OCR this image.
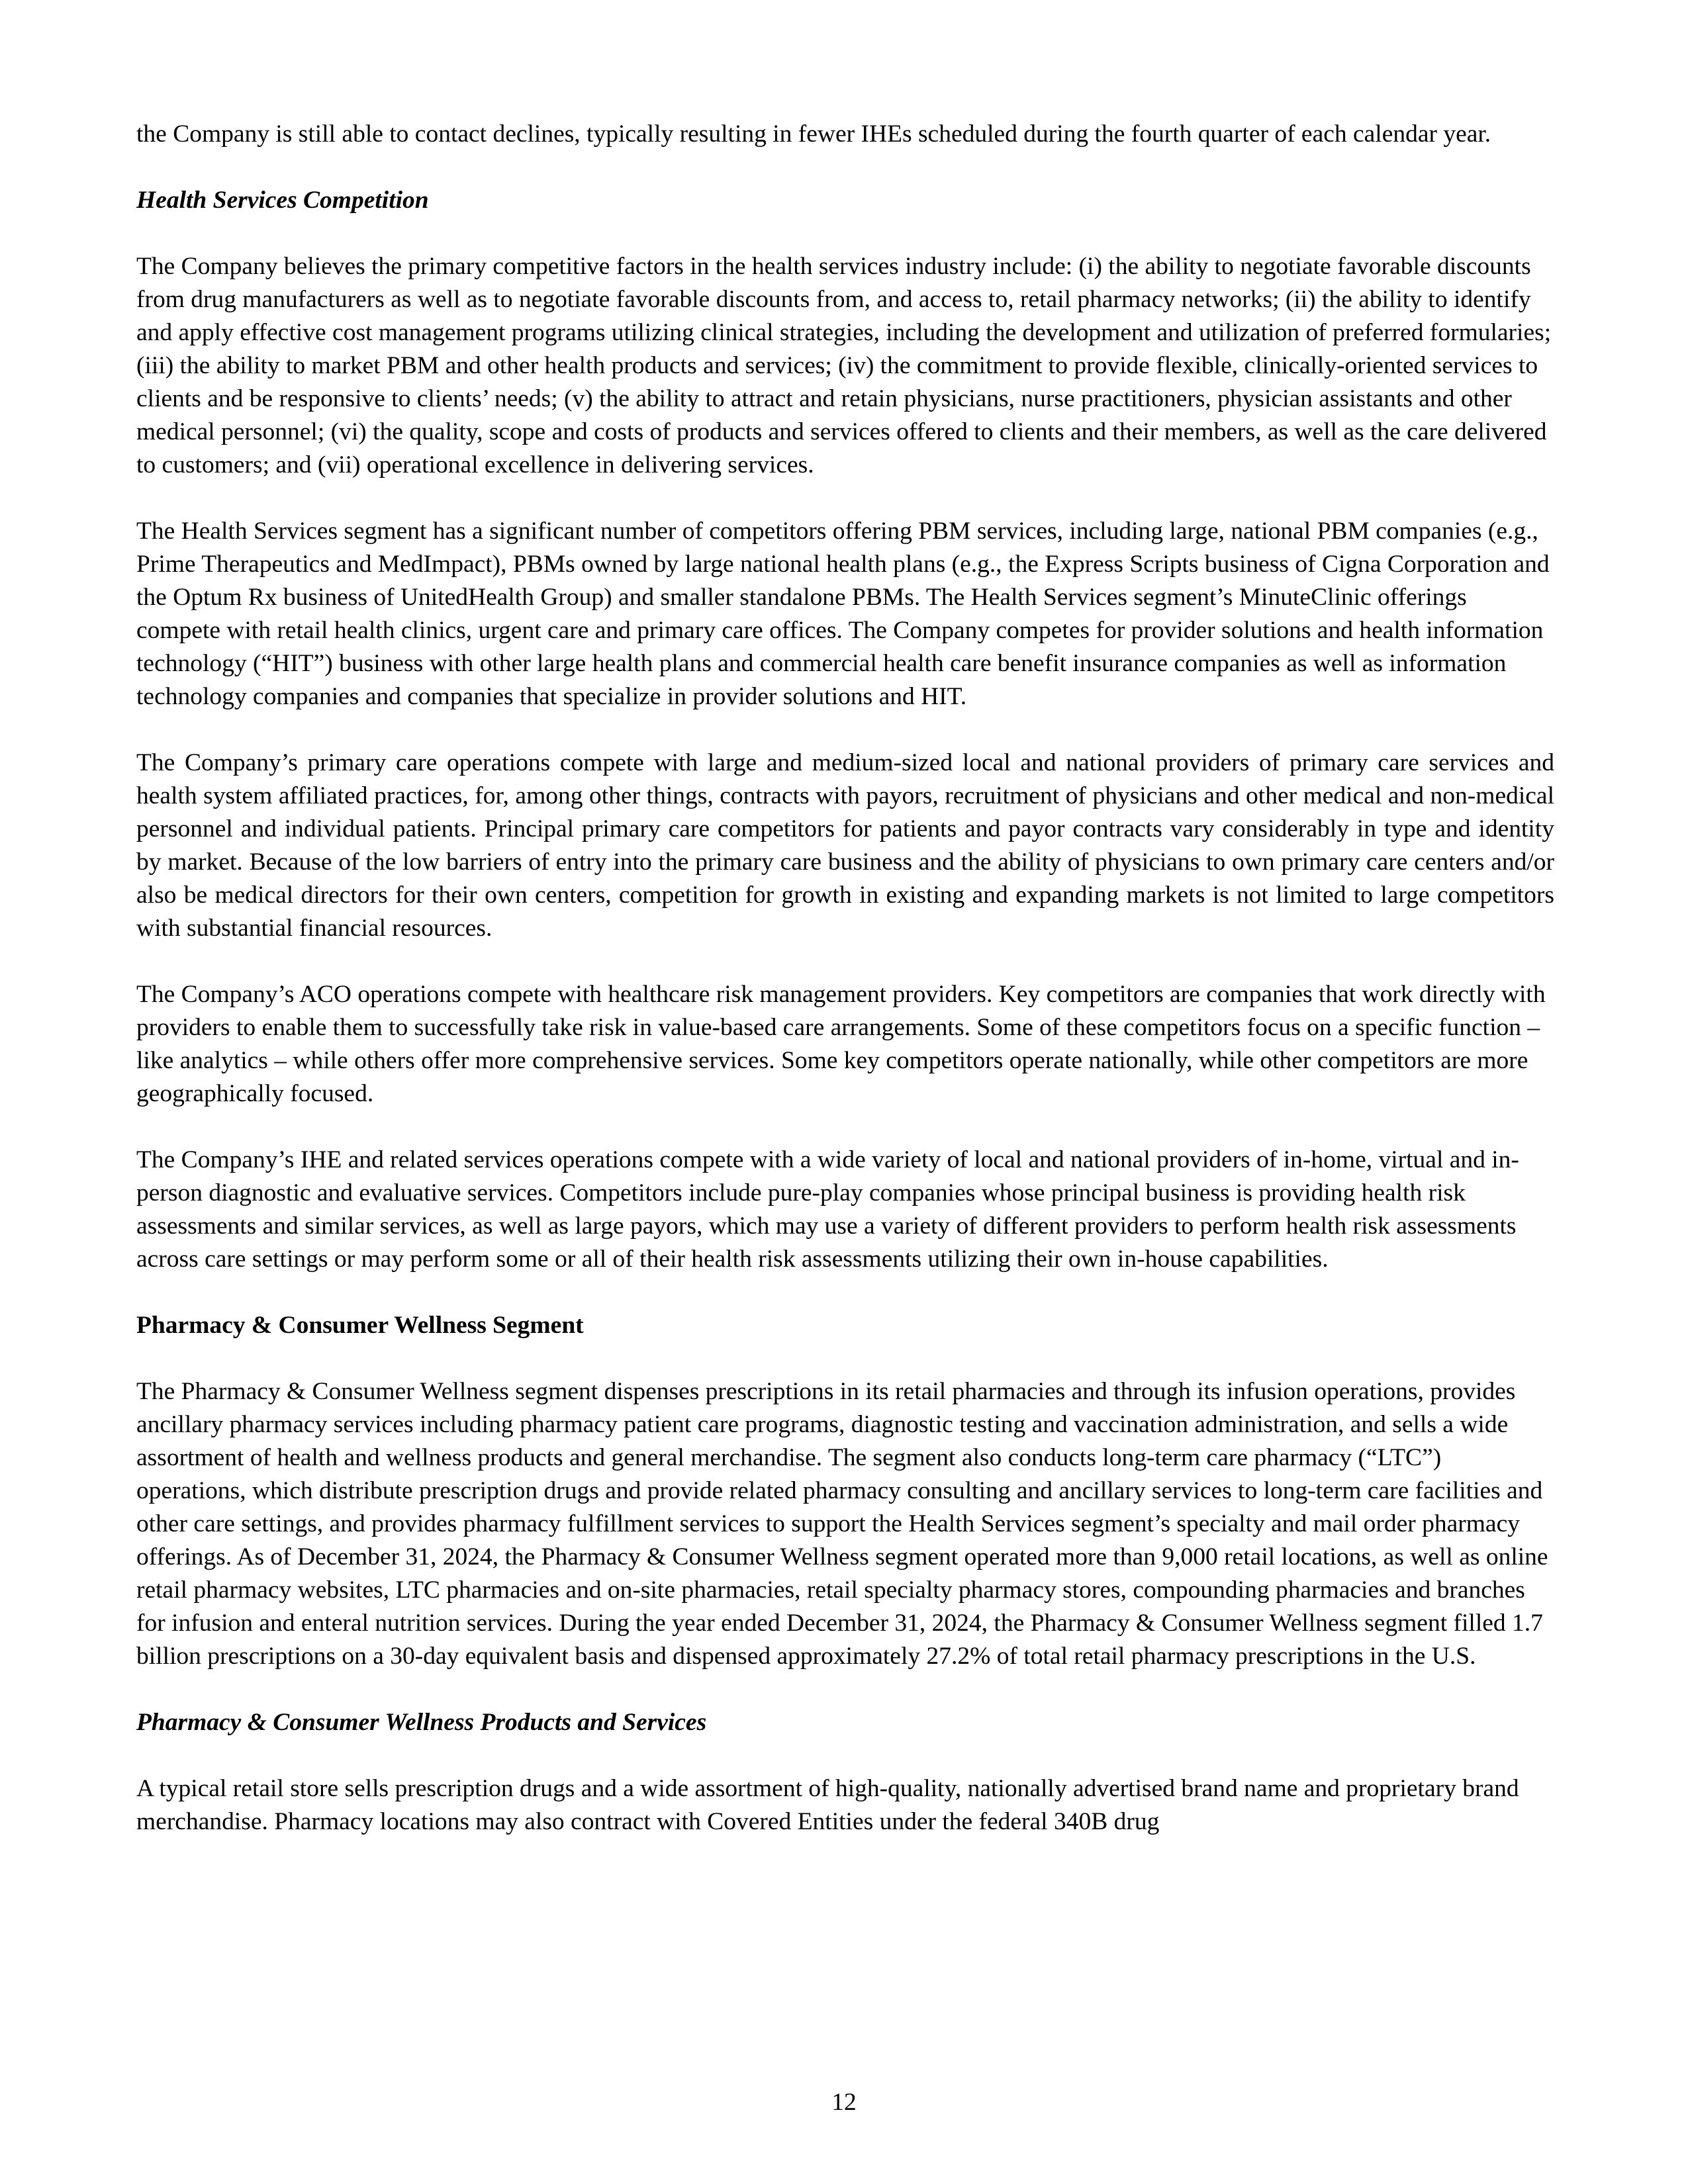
the Company is still able to contact declines, typically resulting in fewer IHEs scheduled during the fourth quarter of each calendar year.

Health Services Competition

The Company believes the primary competitive factors in the health services industry include: (i) the ability to negotiate favorable discounts from drug manufacturers as well as to negotiate favorable discounts from, and access to, retail pharmacy networks; (ii) the ability to identify and apply effective cost management programs utilizing clinical strategies, including the development and utilization of preferred formularies; (iii) the ability to market PBM and other health products and services; (iv) the commitment to provide flexible, clinically-oriented services to clients and be responsive to clients’ needs; (v) the ability to attract and retain physicians, nurse practitioners, physician assistants and other medical personnel; (vi) the quality, scope and costs of products and services offered to clients and their members, as well as the care delivered to customers; and (vii) operational excellence in delivering services.

The Health Services segment has a significant number of competitors offering PBM services, including large, national PBM companies (e.g., Prime Therapeutics and MedImpact), PBMs owned by large national health plans (e.g., the Express Scripts business of Cigna Corporation and the Optum Rx business of UnitedHealth Group) and smaller standalone PBMs. The Health Services segment’s MinuteClinic offerings compete with retail health clinics, urgent care and primary care offices. The Company competes for provider solutions and health information technology (“HIT”) business with other large health plans and commercial health care benefit insurance companies as well as information technology companies and companies that specialize in provider solutions and HIT.

The Company’s primary care operations compete with large and medium-sized local and national providers of primary care services and health system affiliated practices, for, among other things, contracts with payors, recruitment of physicians and other medical and non-medical personnel and individual patients. Principal primary care competitors for patients and payor contracts vary considerably in type and identity by market. Because of the low barriers of entry into the primary care business and the ability of physicians to own primary care centers and/or also be medical directors for their own centers, competition for growth in existing and expanding markets is not limited to large competitors with substantial financial resources.

The Company’s ACO operations compete with healthcare risk management providers. Key competitors are companies that work directly with providers to enable them to successfully take risk in value-based care arrangements. Some of these competitors focus on a specific function – like analytics – while others offer more comprehensive services. Some key competitors operate nationally, while other competitors are more geographically focused.

The Company’s IHE and related services operations compete with a wide variety of local and national providers of in-home, virtual and in-person diagnostic and evaluative services. Competitors include pure-play companies whose principal business is providing health risk assessments and similar services, as well as large payors, which may use a variety of different providers to perform health risk assessments across care settings or may perform some or all of their health risk assessments utilizing their own in-house capabilities.

Pharmacy & Consumer Wellness Segment

The Pharmacy & Consumer Wellness segment dispenses prescriptions in its retail pharmacies and through its infusion operations, provides ancillary pharmacy services including pharmacy patient care programs, diagnostic testing and vaccination administration, and sells a wide assortment of health and wellness products and general merchandise. The segment also conducts long-term care pharmacy (“LTC”) operations, which distribute prescription drugs and provide related pharmacy consulting and ancillary services to long-term care facilities and other care settings, and provides pharmacy fulfillment services to support the Health Services segment’s specialty and mail order pharmacy offerings. As of December 31, 2024, the Pharmacy & Consumer Wellness segment operated more than 9,000 retail locations, as well as online retail pharmacy websites, LTC pharmacies and on-site pharmacies, retail specialty pharmacy stores, compounding pharmacies and branches for infusion and enteral nutrition services. During the year ended December 31, 2024, the Pharmacy & Consumer Wellness segment filled 1.7 billion prescriptions on a 30-day equivalent basis and dispensed approximately 27.2% of total retail pharmacy prescriptions in the U.S.

Pharmacy & Consumer Wellness Products and Services

A typical retail store sells prescription drugs and a wide assortment of high-quality, nationally advertised brand name and proprietary brand merchandise. Pharmacy locations may also contract with Covered Entities under the federal 340B drug

12
